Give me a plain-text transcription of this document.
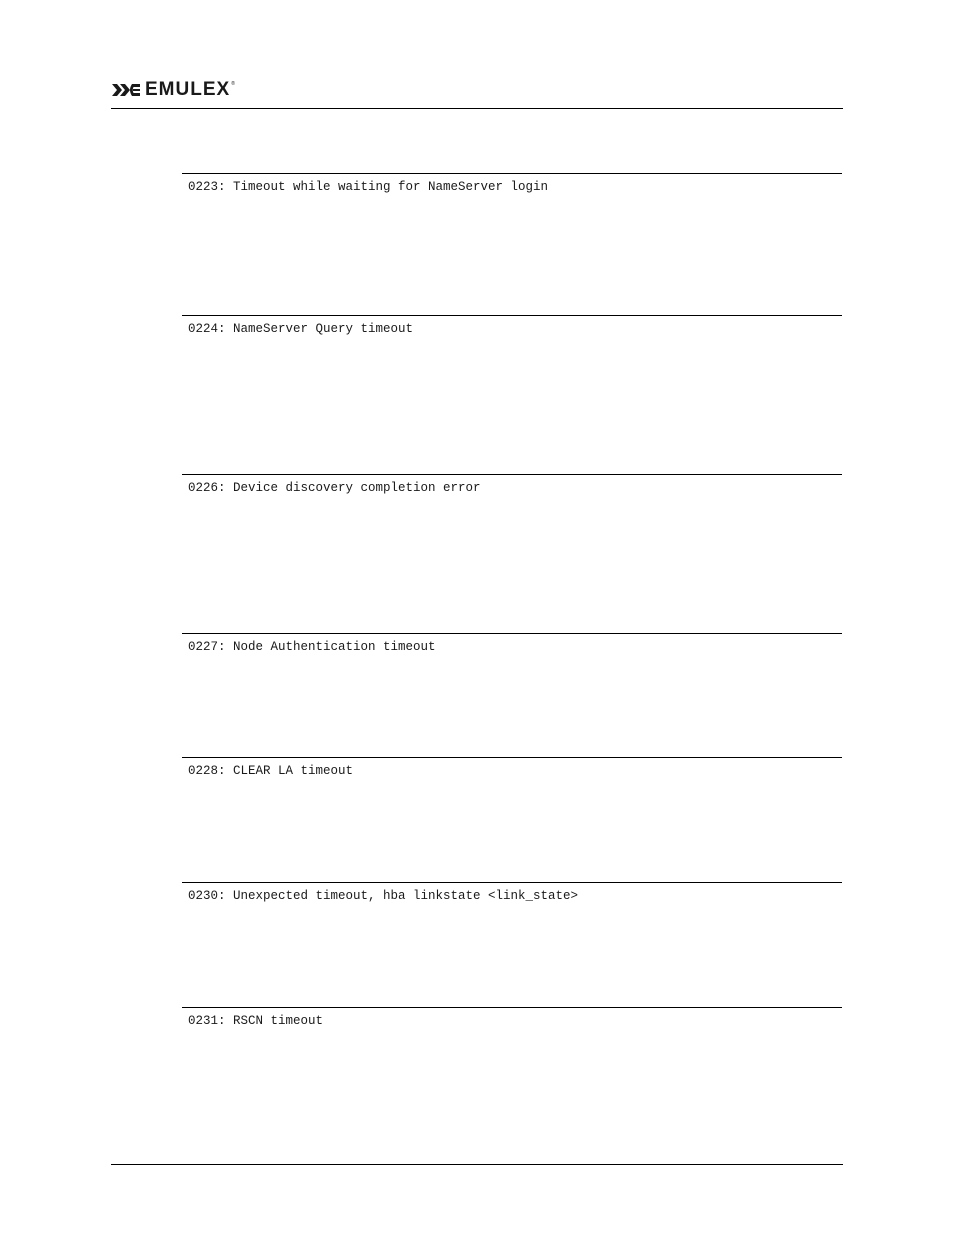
EMULEX ®
0223: Timeout while waiting for NameServer login
0224: NameServer Query timeout
0226: Device discovery completion error
0227: Node Authentication timeout
0228: CLEAR LA timeout
0230: Unexpected timeout, hba linkstate <link_state>
0231: RSCN timeout
